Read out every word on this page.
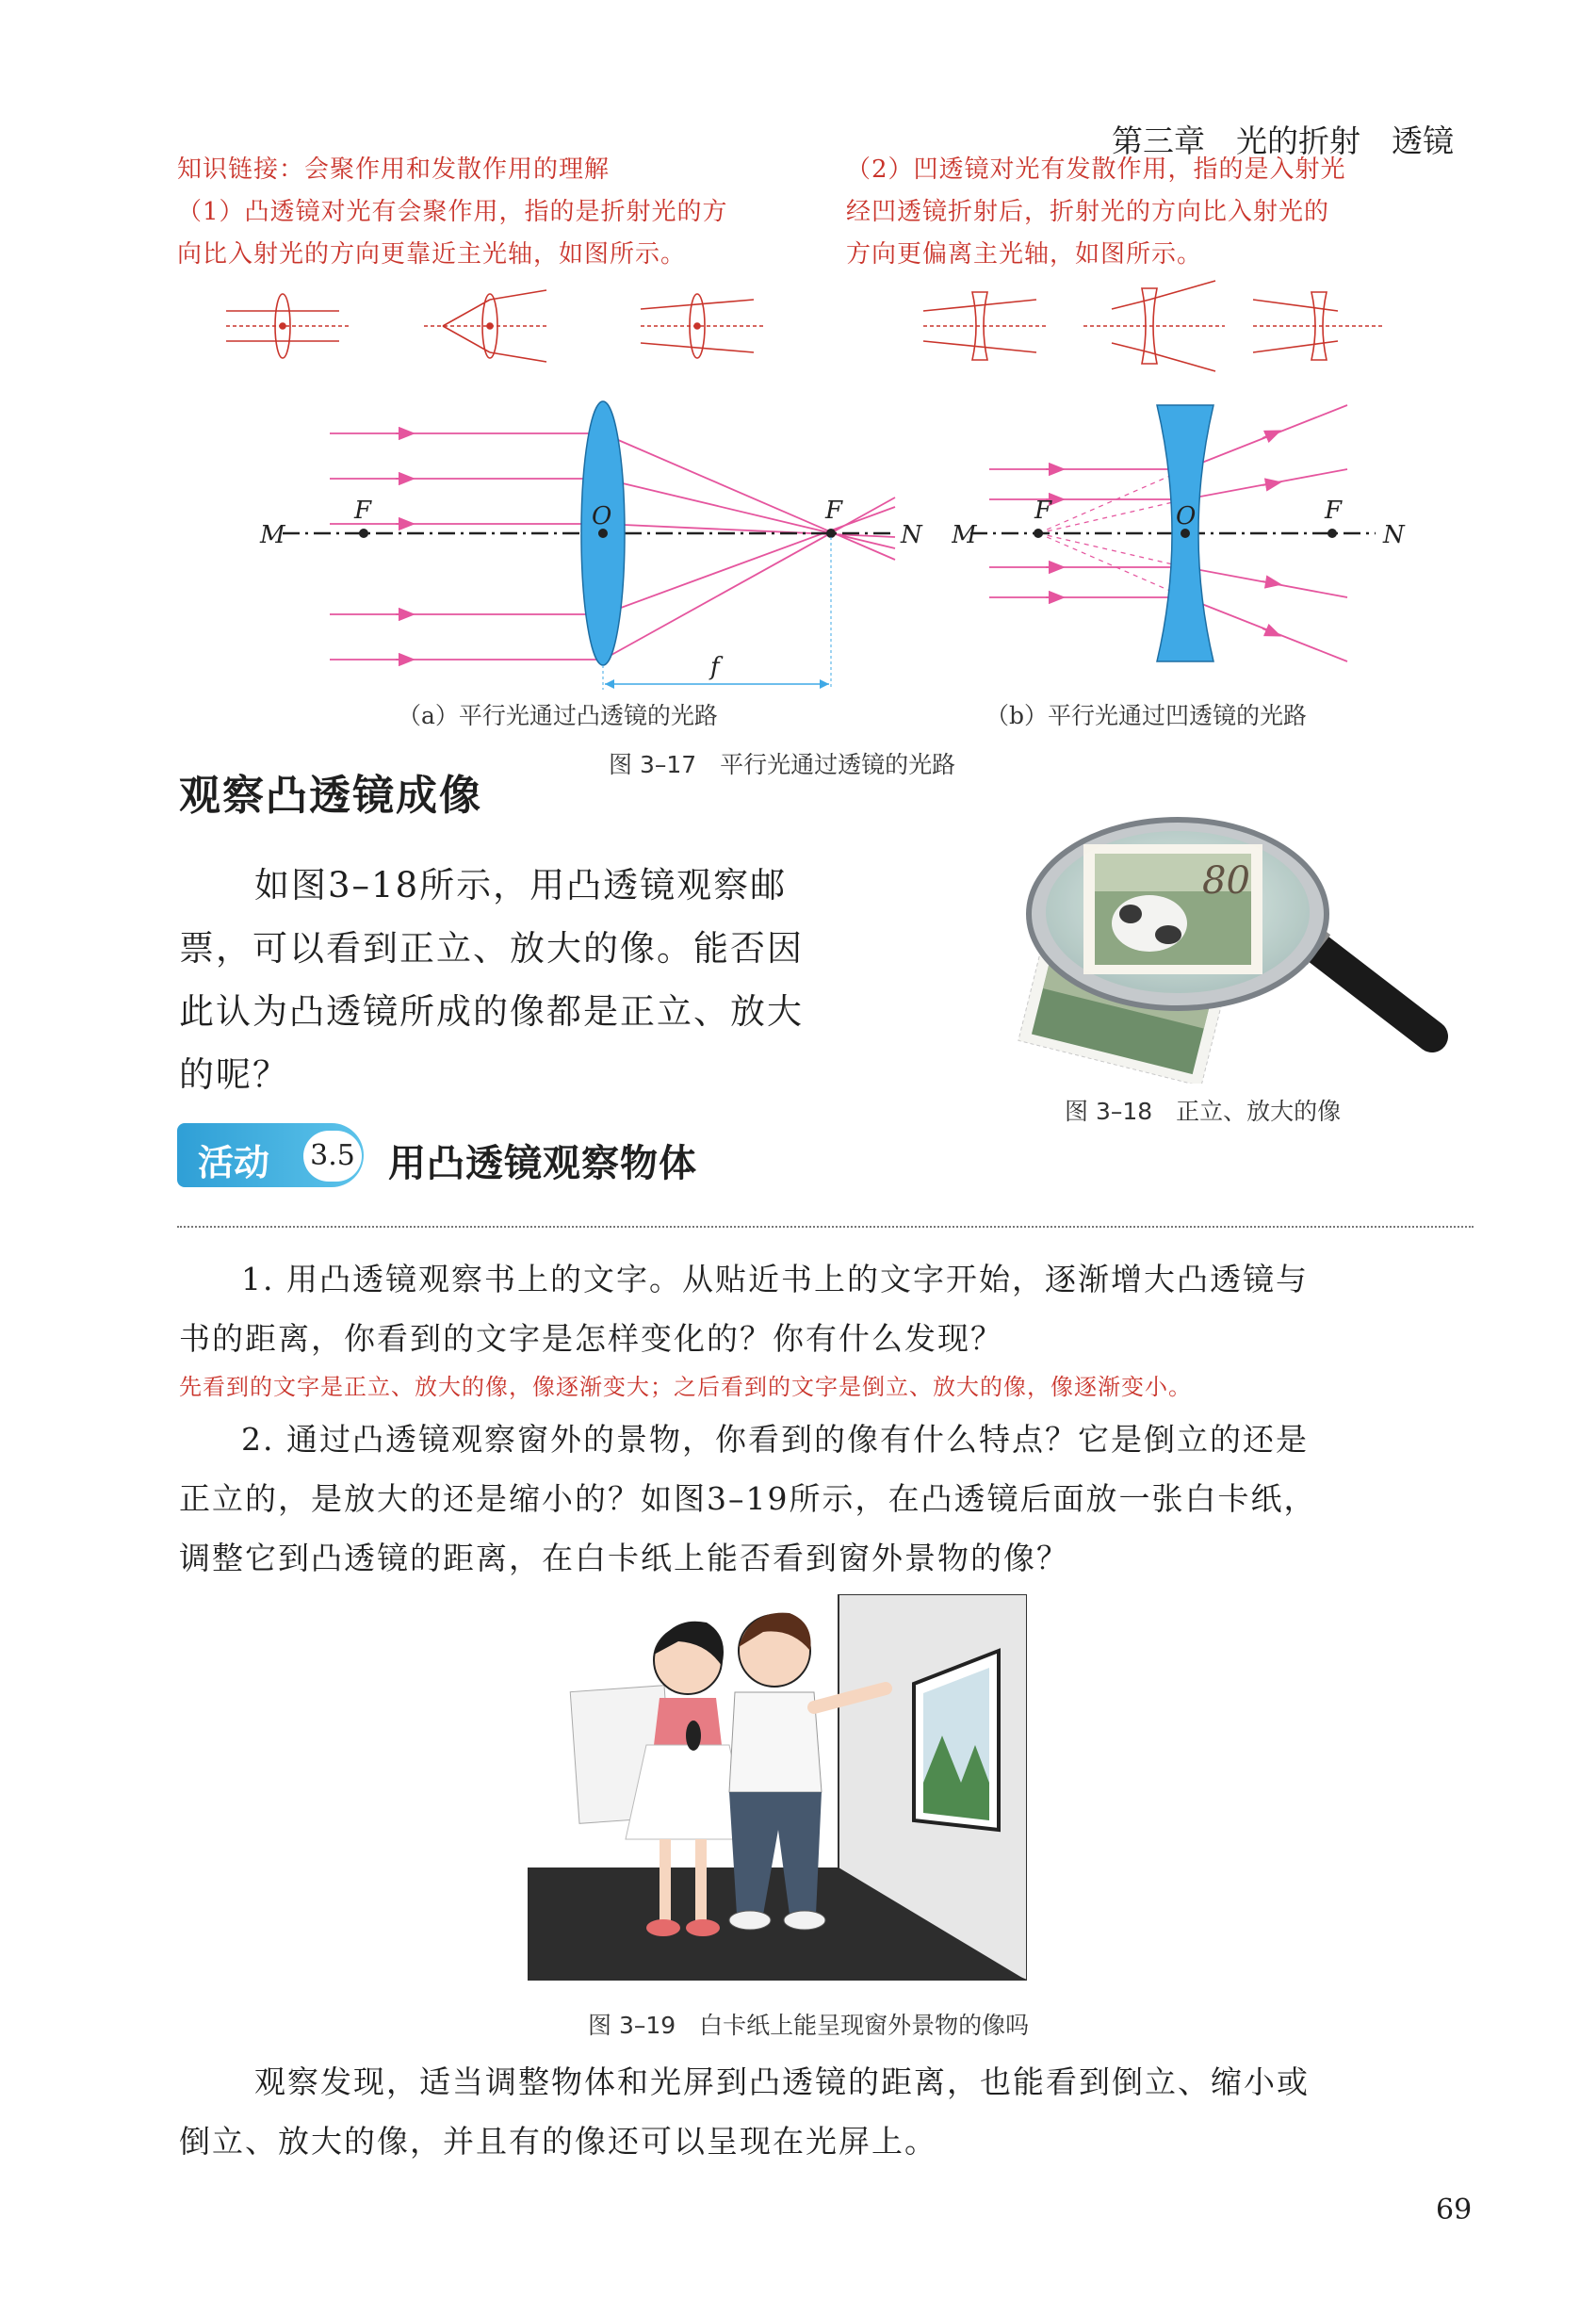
第三章　光的折射　透镜
知识链接：会聚作用和发散作用的理解
（1）凸透镜对光有会聚作用，指的是折射光的方
向比入射光的方向更靠近主光轴，如图所示。
（2）凹透镜对光有发散作用，指的是入射光
经凹透镜折射后，折射光的方向比入射光的
方向更偏离主光轴，如图所示。
M
F	O	F
N
f
M
F	O	F
N
（a）平行光通过凸透镜的光路	（b）平行光通过凹透镜的光路
图 3–17　平行光通过透镜的光路
观察凸透镜成像
如图3–18所示，用凸透镜观察邮
票，可以看到正立、放大的像。能否因
此认为凸透镜所成的像都是正立、放大
的呢？
80
图 3–18　正立、放大的像
活动 3.5 用凸透镜观察物体
1. 用凸透镜观察书上的文字。从贴近书上的文字开始，逐渐增大凸透镜与
书的距离，你看到的文字是怎样变化的？你有什么发现？
先看到的文字是正立、放大的像，像逐渐变大；之后看到的文字是倒立、放大的像，像逐渐变小。
2. 通过凸透镜观察窗外的景物，你看到的像有什么特点？它是倒立的还是
正立的，是放大的还是缩小的？如图3–19所示，在凸透镜后面放一张白卡纸，
调整它到凸透镜的距离，在白卡纸上能否看到窗外景物的像？
图 3–19　白卡纸上能呈现窗外景物的像吗
观察发现，适当调整物体和光屏到凸透镜的距离，也能看到倒立、缩小或
倒立、放大的像，并且有的像还可以呈现在光屏上。
69
